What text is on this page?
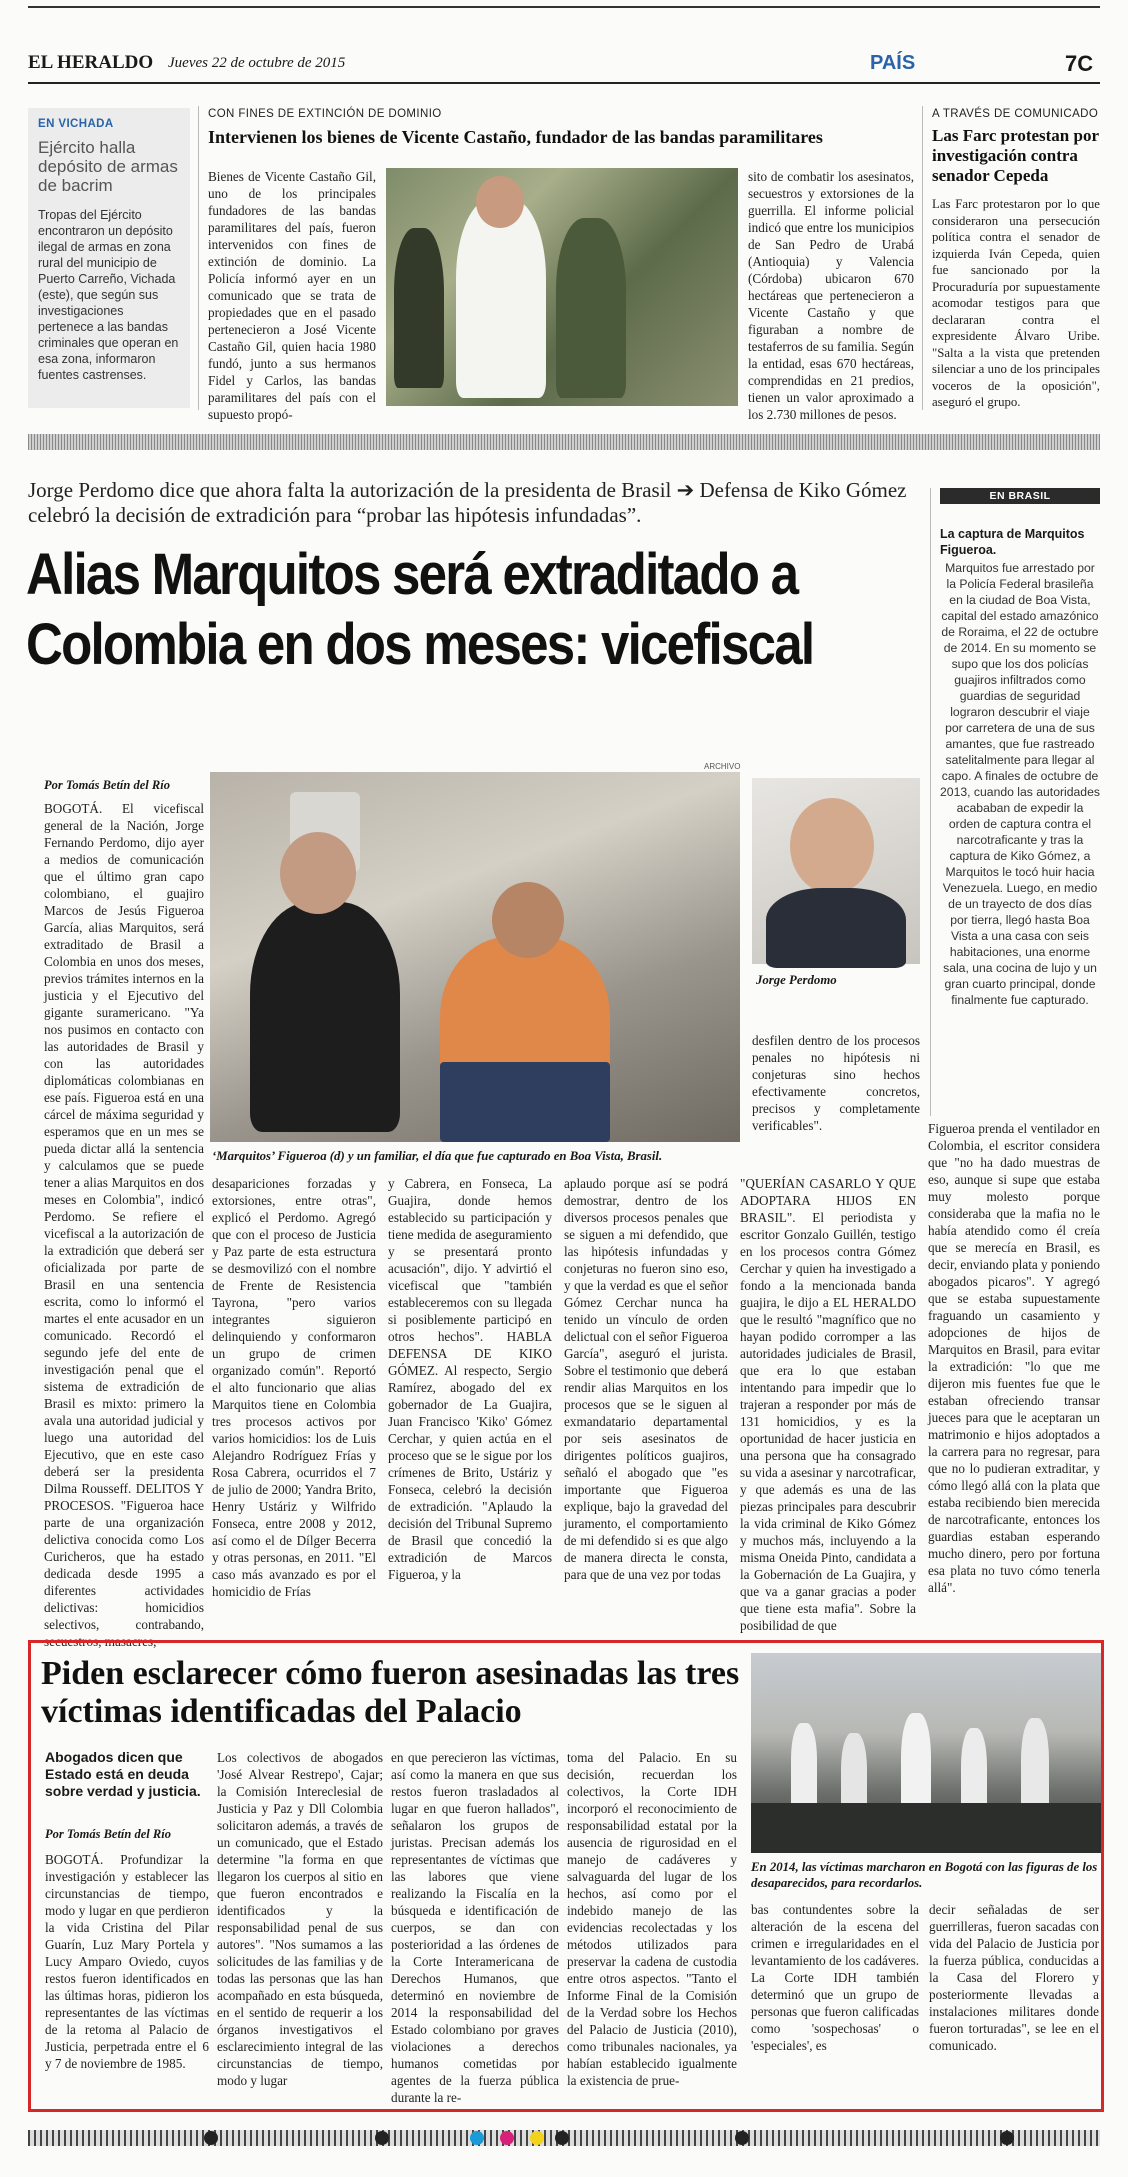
EL HERALDO Jueves 22 de octubre de 2015	PAÍS	7C
EN VICHADA
Ejército halla depósito de armas de bacrim
Tropas del Ejército encontraron un depósito ilegal de armas en zona rural del municipio de Puerto Carreño, Vichada (este), que según sus investigaciones pertenece a las bandas criminales que operan en esa zona, informaron fuentes castrenses.
CON FINES DE EXTINCIÓN DE DOMINIO
Intervienen los bienes de Vicente Castaño, fundador de las bandas paramilitares
Bienes de Vicente Castaño Gil, uno de los principales fundadores de las bandas paramilitares del país, fueron intervenidos con fines de extinción de dominio. La Policía informó ayer en un comunicado que se trata de propiedades que en el pasado pertenecieron a José Vicente Castaño Gil, quien hacia 1980 fundó, junto a sus hermanos Fidel y Carlos, las bandas paramilitares del país con el supuesto propó-
sito de combatir los asesinatos, secuestros y extorsiones de la guerrilla. El informe policial indicó que entre los municipios de San Pedro de Urabá (Antioquia) y Valencia (Córdoba) ubicaron 670 hectáreas que pertenecieron a Vicente Castaño y que figuraban a nombre de testaferros de su familia. Según la entidad, esas 670 hectáreas, comprendidas en 21 predios, tienen un valor aproximado a los 2.730 millones de pesos.
A TRAVÉS DE COMUNICADO
Las Farc protestan por investigación contra senador Cepeda
Las Farc protestaron por lo que consideraron una persecución política contra el senador de izquierda Iván Cepeda, quien fue sancionado por la Procuraduría por supuestamente acomodar testigos para que declararan contra el expresidente Álvaro Uribe. "Salta a la vista que pretenden silenciar a uno de los principales voceros de la oposición", aseguró el grupo.
Jorge Perdomo dice que ahora falta la autorización de la presidenta de Brasil ➔ Defensa de Kiko Gómez celebró la decisión de extradición para “probar las hipótesis infundadas”.
Alias Marquitos será extraditado a
Colombia en dos meses: vicefiscal
EN BRASIL
La captura de Marquitos Figueroa.
Marquitos fue arrestado por la Policía Federal brasileña en la ciudad de Boa Vista, capital del estado amazónico de Roraima, el 22 de octubre de 2014. En su momento se supo que los dos policías guajiros infiltrados como guardias de seguridad lograron descubrir el viaje por carretera de una de sus amantes, que fue rastreado satelitalmente para llegar al capo. A finales de octubre de 2013, cuando las autoridades acababan de expedir la orden de captura contra el narcotraficante y tras la captura de Kiko Gómez, a Marquitos le tocó huir hacia Venezuela. Luego, en medio de un trayecto de dos días por tierra, llegó hasta Boa Vista a una casa con seis habitaciones, una enorme sala, una cocina de lujo y un gran cuarto principal, donde finalmente fue capturado.
Por Tomás Betín del Río
ARCHIVO
‘Marquitos’ Figueroa (d) y un familiar, el día que fue capturado en Boa Vista, Brasil.
Jorge Perdomo
BOGOTÁ. El vicefiscal general de la Nación, Jorge Fernando Perdomo, dijo ayer a medios de comunicación que el último gran capo colombiano, el guajiro Marcos de Jesús Figueroa García, alias Marquitos, será extraditado de Brasil a Colombia en unos dos meses, previos trámites internos en la justicia y el Ejecutivo del gigante suramericano. "Ya nos pusimos en contacto con las autoridades de Brasil y con las autoridades diplomáticas colombianas en ese país. Figueroa está en una cárcel de máxima seguridad y esperamos que en un mes se pueda dictar allá la sentencia y calculamos que se puede tener a alias Marquitos en dos meses en Colombia", indicó Perdomo. Se refiere el vicefiscal a la autorización de la extradición que deberá ser oficializada por parte de Brasil en una sentencia escrita, como lo informó el martes el ente acusador en un comunicado. Recordó el segundo jefe del ente de investigación penal que el sistema de extradición de Brasil es mixto: primero la avala una autoridad judicial y luego una autoridad del Ejecutivo, que en este caso deberá ser la presidenta Dilma Rousseff. DELITOS Y PROCESOS. "Figueroa hace parte de una organización delictiva conocida como Los Curicheros, que ha estado dedicada desde 1995 a diferentes actividades delictivas: homicidios selectivos, contrabando, secuestros, masacres,
desapariciones forzadas y extorsiones, entre otras", explicó el Perdomo. Agregó que con el proceso de Justicia y Paz parte de esta estructura se desmovilizó con el nombre de Frente de Resistencia Tayrona, "pero varios integrantes siguieron delinquiendo y conformaron un grupo de crimen organizado común". Reportó el alto funcionario que alias Marquitos tiene en Colombia tres procesos activos por varios homicidios: los de Luis Alejandro Rodríguez Frías y Rosa Cabrera, ocurridos el 7 de julio de 2000; Yandra Brito, Henry Ustáriz y Wilfrido Fonseca, entre 2008 y 2012, así como el de Dílger Becerra y otras personas, en 2011. "El caso más avanzado es por el homicidio de Frías
y Cabrera, en Fonseca, La Guajira, donde hemos establecido su participación y tiene medida de aseguramiento y se presentará pronto acusación", dijo. Y advirtió el vicefiscal que "también estableceremos con su llegada si posiblemente participó en otros hechos". HABLA DEFENSA DE KIKO GÓMEZ. Al respecto, Sergio Ramírez, abogado del ex gobernador de La Guajira, Juan Francisco 'Kiko' Gómez Cerchar, y quien actúa en el proceso que se le sigue por los crímenes de Brito, Ustáriz y Fonseca, celebró la decisión de extradición. "Aplaudo la decisión del Tribunal Supremo de Brasil que concedió la extradición de Marcos Figueroa, y la
aplaudo porque así se podrá demostrar, dentro de los diversos procesos penales que se siguen a mi defendido, que las hipótesis infundadas y conjeturas no fueron sino eso, y que la verdad es que el señor Gómez Cerchar nunca ha tenido un vínculo de orden delictual con el señor Figueroa García", aseguró el jurista. Sobre el testimonio que deberá rendir alias Marquitos en los procesos que se le siguen al exmandatario departamental por seis asesinatos de dirigentes políticos guajiros, señaló el abogado que "es importante que Figueroa explique, bajo la gravedad del juramento, el comportamiento de mi defendido si es que algo de manera directa le consta, para que de una vez por todas
desfilen dentro de los procesos penales no hipótesis ni conjeturas sino hechos efectivamente concretos, precisos y completamente verificables".
"QUERÍAN CASARLO Y QUE ADOPTARA HIJOS EN BRASIL". El periodista y escritor Gonzalo Guillén, testigo en los procesos contra Gómez Cerchar y quien ha investigado a fondo a la mencionada banda guajira, le dijo a EL HERALDO que le resultó "magnífico que no hayan podido corromper a las autoridades judiciales de Brasil, que era lo que estaban intentando para impedir que lo trajeran a responder por más de 131 homicidios, y es la oportunidad de hacer justicia en una persona que ha consagrado su vida a asesinar y narcotraficar, y que además es una de las piezas principales para descubrir la vida criminal de Kiko Gómez y muchos más, incluyendo a la misma Oneida Pinto, candidata a la Gobernación de La Guajira, y que va a ganar gracias a poder que tiene esta mafia". Sobre la posibilidad de que
Figueroa prenda el ventilador en Colombia, el escritor considera que "no ha dado muestras de eso, aunque si supe que estaba muy molesto porque consideraba que la mafia no le había atendido como él creía que se merecía en Brasil, es decir, enviando plata y poniendo abogados picaros". Y agregó que se estaba supuestamente fraguando un casamiento y adopciones de hijos de Marquitos en Brasil, para evitar la extradición: "lo que me dijeron mis fuentes fue que le estaban ofreciendo transar jueces para que le aceptaran un matrimonio e hijos adoptados a la carrera para no regresar, para que no lo pudieran extraditar, y cómo llegó allá con la plata que estaba recibiendo bien merecida de narcotraficante, entonces los guardias estaban esperando mucho dinero, pero por fortuna esa plata no tuvo cómo tenerla allá".
Piden esclarecer cómo fueron asesinadas las tres víctimas identificadas del Palacio
En 2014, las víctimas marcharon en Bogotá con las figuras de los desaparecidos, para recordarlos.
Abogados dicen que Estado está en deuda sobre verdad y justicia.
Por Tomás Betín del Río
BOGOTÁ. Profundizar la investigación y establecer las circunstancias de tiempo, modo y lugar en que perdieron la vida Cristina del Pilar Guarín, Luz Mary Portela y Lucy Amparo Oviedo, cuyos restos fueron identificados en las últimas horas, pidieron los representantes de las víctimas de la retoma al Palacio de Justicia, perpetrada entre el 6 y 7 de noviembre de 1985.
Los colectivos de abogados 'José Alvear Restrepo', Cajar; la Comisión Intereclesial de Justicia y Paz y Dll Colombia solicitaron además, a través de un comunicado, que el Estado determine "la forma en que llegaron los cuerpos al sitio en que fueron encontrados e identificados y la responsabilidad penal de sus autores". "Nos sumamos a las solicitudes de las familias y de todas las personas que las han acompañado en esta búsqueda, en el sentido de requerir a los órganos investigativos el esclarecimiento integral de las circunstancias de tiempo, modo y lugar
en que perecieron las víctimas, así como la manera en que sus restos fueron trasladados al lugar en que fueron hallados", señalaron los grupos de juristas. Precisan además los representantes de víctimas que las labores que viene realizando la Fiscalía en la búsqueda e identificación de cuerpos, se dan con posterioridad a las órdenes de la Corte Interamericana de Derechos Humanos, que determinó en noviembre de 2014 la responsabilidad del Estado colombiano por graves violaciones a derechos humanos cometidas por agentes de la fuerza pública durante la re-
toma del Palacio. En su decisión, recuerdan los colectivos, la Corte IDH incorporó el reconocimiento de responsabilidad estatal por la ausencia de rigurosidad en el manejo de cadáveres y salvaguarda del lugar de los hechos, así como por el indebido manejo de las evidencias recolectadas y los métodos utilizados para preservar la cadena de custodia entre otros aspectos. "Tanto el Informe Final de la Comisión de la Verdad sobre los Hechos del Palacio de Justicia (2010), como tribunales nacionales, ya habían establecido igualmente la existencia de prue-
bas contundentes sobre la alteración de la escena del crimen e irregularidades en el levantamiento de los cadáveres. La Corte IDH también determinó que un grupo de personas que fueron calificadas como 'sospechosas' o 'especiales', es
decir señaladas de ser guerrilleras, fueron sacadas con vida del Palacio de Justicia por la fuerza pública, conducidas a la Casa del Florero y posteriormente llevadas a instalaciones militares donde fueron torturadas", se lee en el comunicado.
